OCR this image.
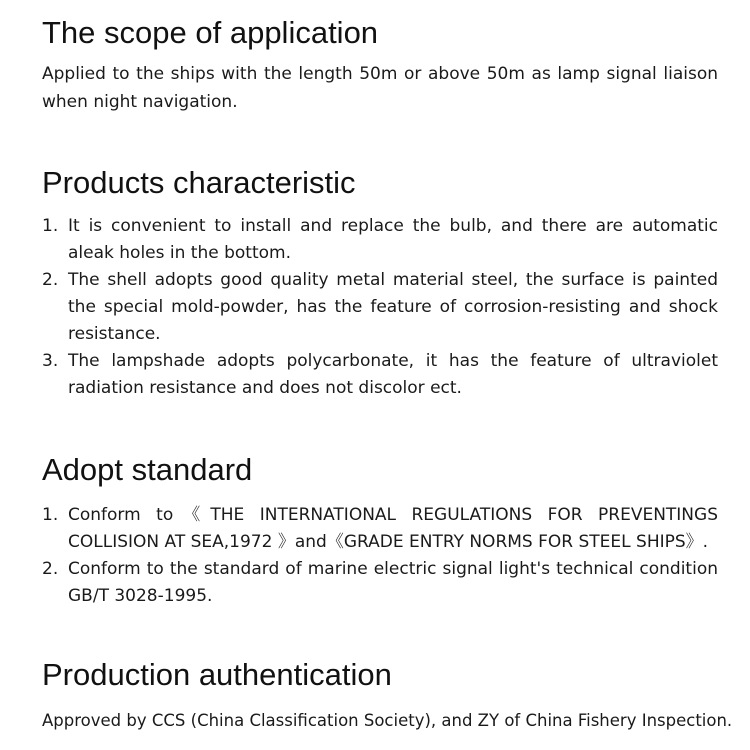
The scope of application

Applied to the ships with the length 50m or above 50m as lamp signal liaison when night navigation.

Products characteristic
1. It is convenient to install and replace the bulb, and there are automatic aleak holes in the bottom.
2. The shell adopts good quality metal material steel, the surface is painted the special mold-powder, has the feature of corrosion-resisting and shock resistance.
3. The lampshade adopts polycarbonate, it has the feature of ultraviolet radiation resistance and does not discolor ect.
Adopt standard
1. Conform to《THE INTERNATIONAL REGULATIONS FOR PREVENTINGS COLLISION AT SEA,1972 》and《GRADE ENTRY NORMS FOR STEEL SHIPS》.
2. Conform to the standard of marine electric signal light's technical condition GB/T 3028-1995.
Production authentication

Approved by CCS (China Classification Society), and ZY of China Fishery Inspection.
